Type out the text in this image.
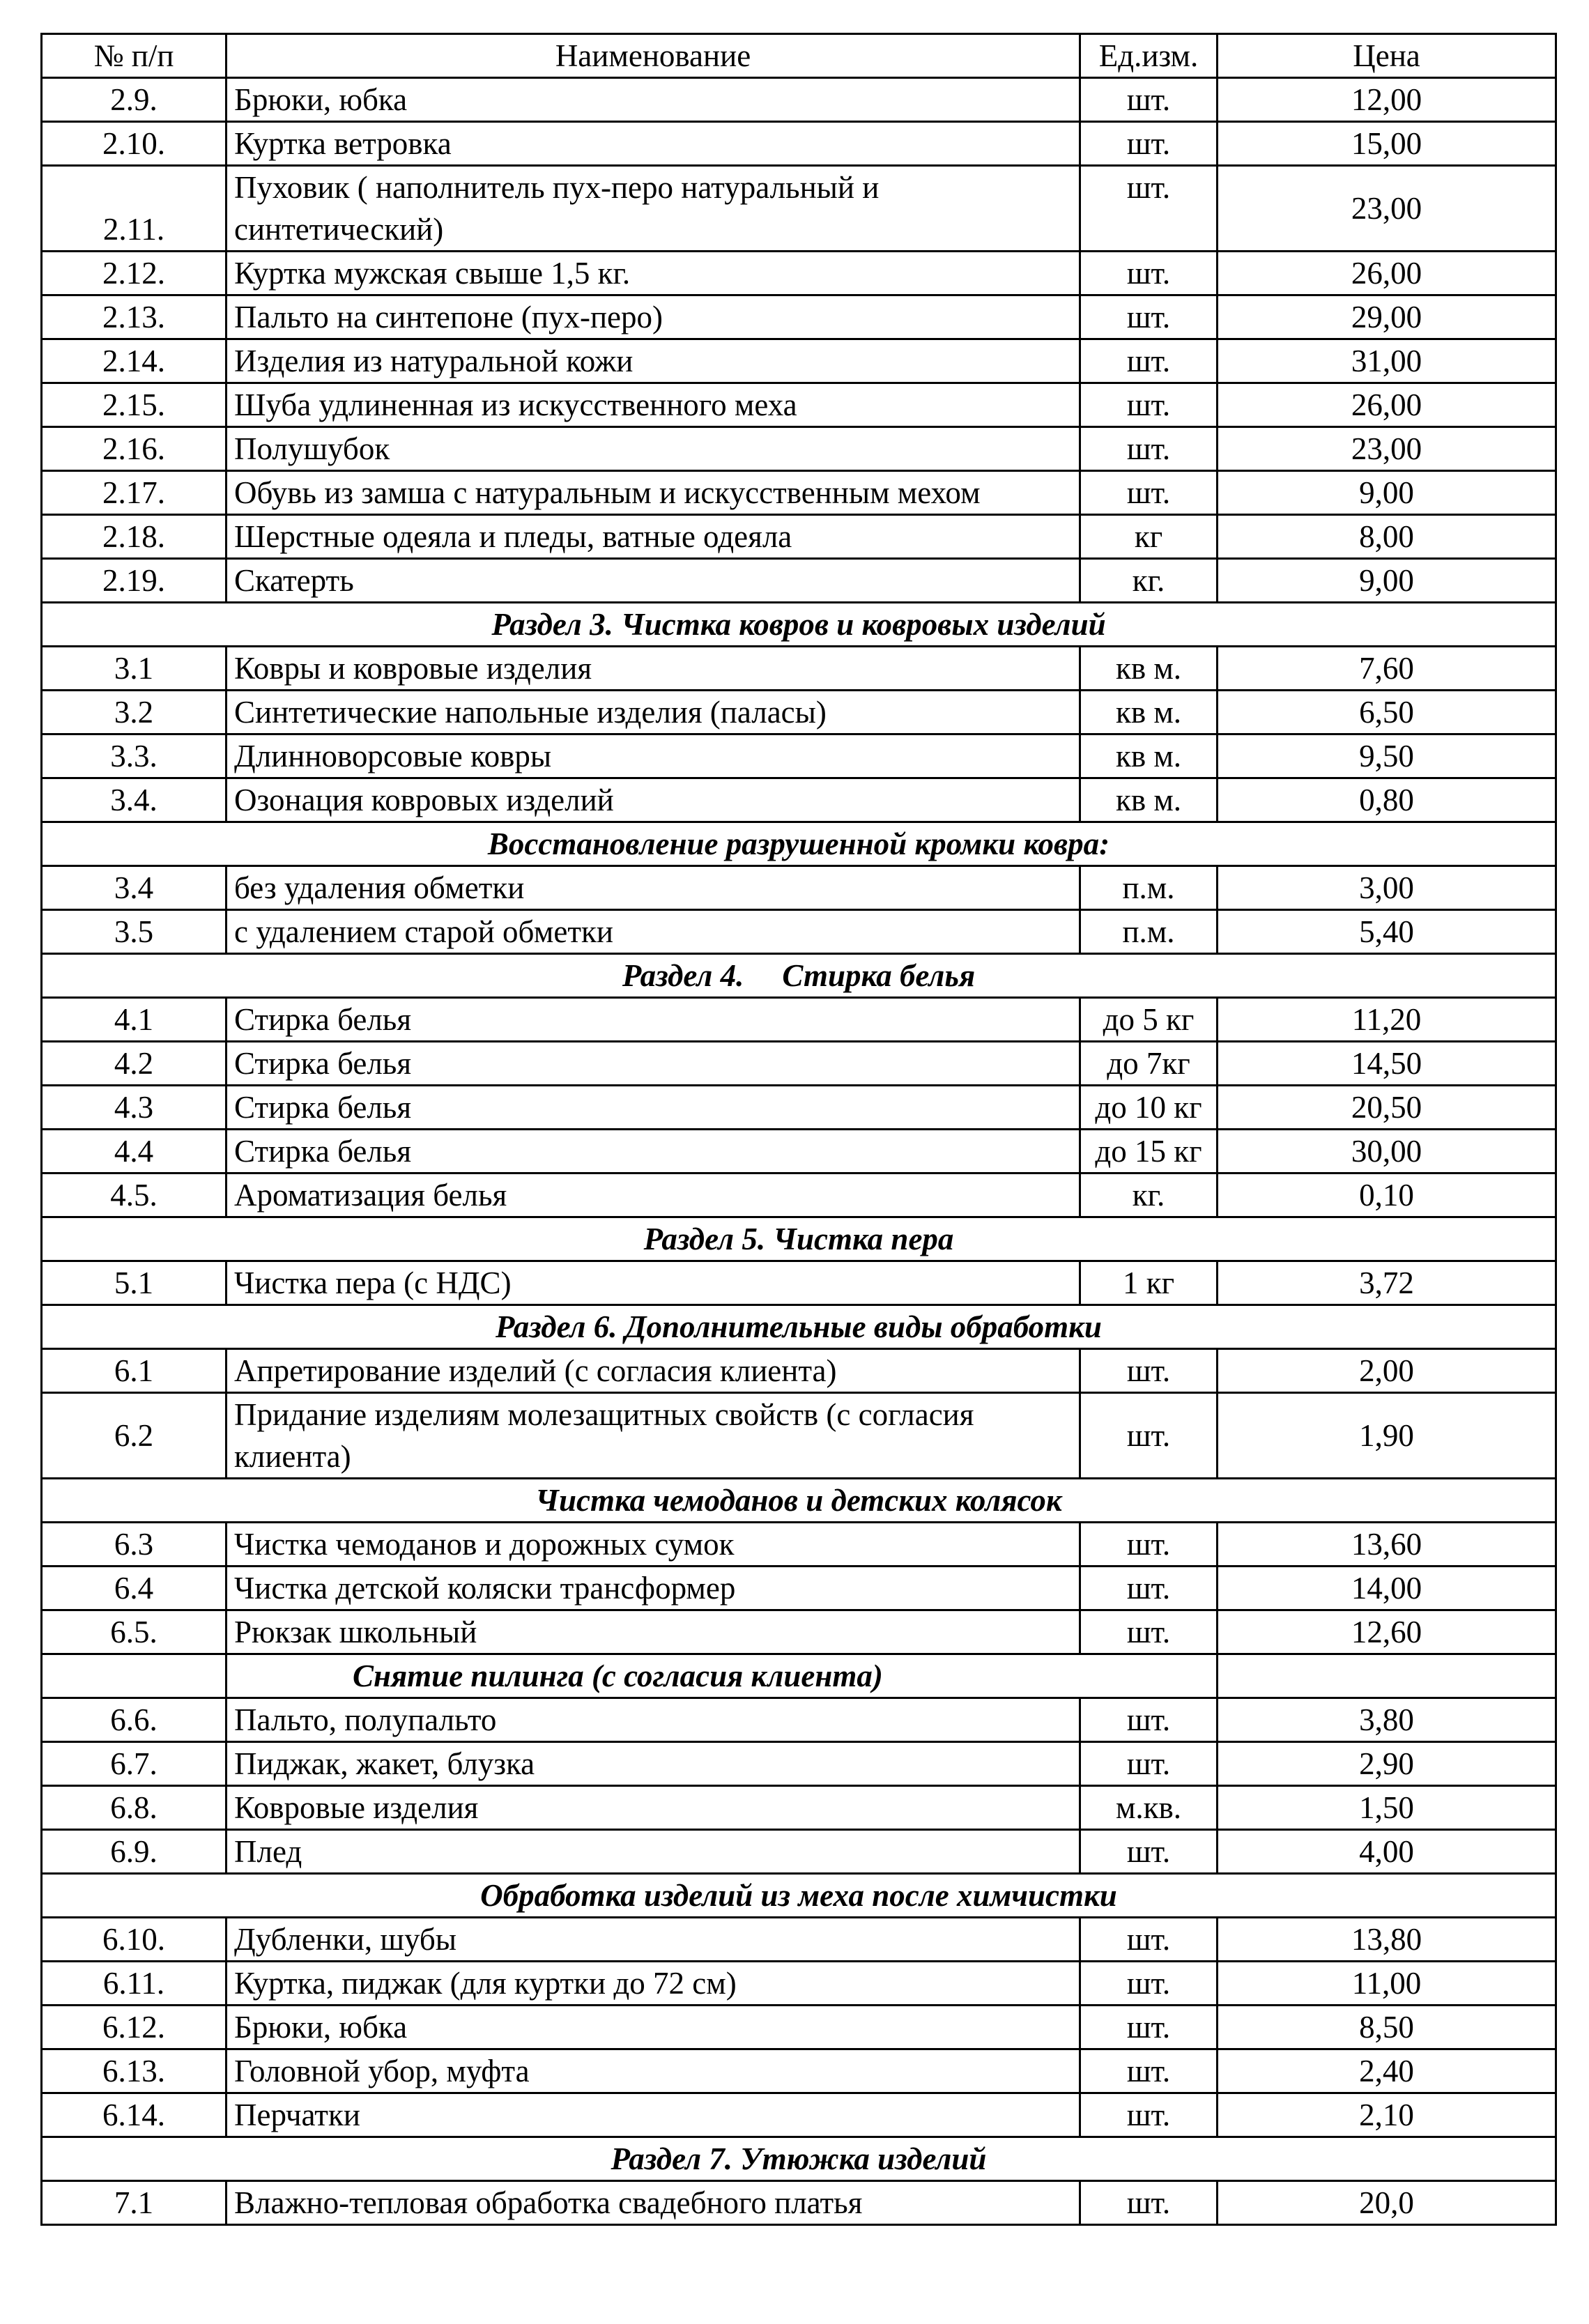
№ п/п	Наименование	Ед.изм.	Цена
2.9.	Брюки, юбка	шт.	12,00
2.10.	Куртка ветровка	шт.	15,00
2.11.	Пуховик ( наполнитель пух-перо натуральный и синтетический)	шт.	23,00
2.12.	Куртка мужская свыше 1,5 кг.	шт.	26,00
2.13.	Пальто на синтепоне (пух-перо)	шт.	29,00
2.14.	Изделия из натуральной кожи	шт.	31,00
2.15.	Шуба удлиненная из искусственного меха	шт.	26,00
2.16.	Полушубок	шт.	23,00
2.17.	Обувь из замша с натуральным и искусственным мехом	шт.	9,00
2.18.	Шерстные одеяла и пледы, ватные одеяла	кг	8,00
2.19.	Скатерть	кг.	9,00
Раздел 3. Чистка ковров и ковровых изделий			
3.1	Ковры и ковровые изделия	кв м.	7,60
3.2	Синтетические напольные изделия (паласы)	кв м.	6,50
3.3.	Длинноворсовые ковры	кв м.	9,50
3.4.	Озонация ковровых изделий	кв м.	0,80
Восстановление разрушенной кромки ковра:			
3.4	без удаления обметки	п.м.	3,00
3.5	с удалением старой обметки	п.м.	5,40
Раздел 4. Стирка белья			
4.1	Стирка белья	до 5 кг	11,20
4.2	Стирка белья	до 7кг	14,50
4.3	Стирка белья	до 10 кг	20,50
4.4	Стирка белья	до 15 кг	30,00
4.5.	Ароматизация белья	кг.	0,10
Раздел 5. Чистка пера			
5.1	Чистка пера (с НДС)	1 кг	3,72
Раздел 6. Дополнительные виды обработки			
6.1	Апретирование изделий (с согласия клиента)	шт.	2,00
6.2	Придание изделиям молезащитных свойств (с согласия клиента)	шт.	1,90
Чистка чемоданов и детских колясок			
6.3	Чистка чемоданов и дорожных сумок	шт.	13,60
6.4	Чистка детской коляски трансформер	шт.	14,00
6.5.	Рюкзак школьный	шт.	12,60
	Снятие пилинга (с согласия клиента)		
6.6.	Пальто, полупальто	шт.	3,80
6.7.	Пиджак, жакет, блузка	шт.	2,90
6.8.	Ковровые изделия	м.кв.	1,50
6.9.	Плед	шт.	4,00
Обработка изделий из меха после химчистки			
6.10.	Дубленки, шубы	шт.	13,80
6.11.	Куртка, пиджак (для куртки до 72 см)	шт.	11,00
6.12.	Брюки, юбка	шт.	8,50
6.13.	Головной убор, муфта	шт.	2,40
6.14.	Перчатки	шт.	2,10
Раздел 7. Утюжка изделий			
7.1	Влажно-тепловая обработка свадебного платья	шт.	20,0
